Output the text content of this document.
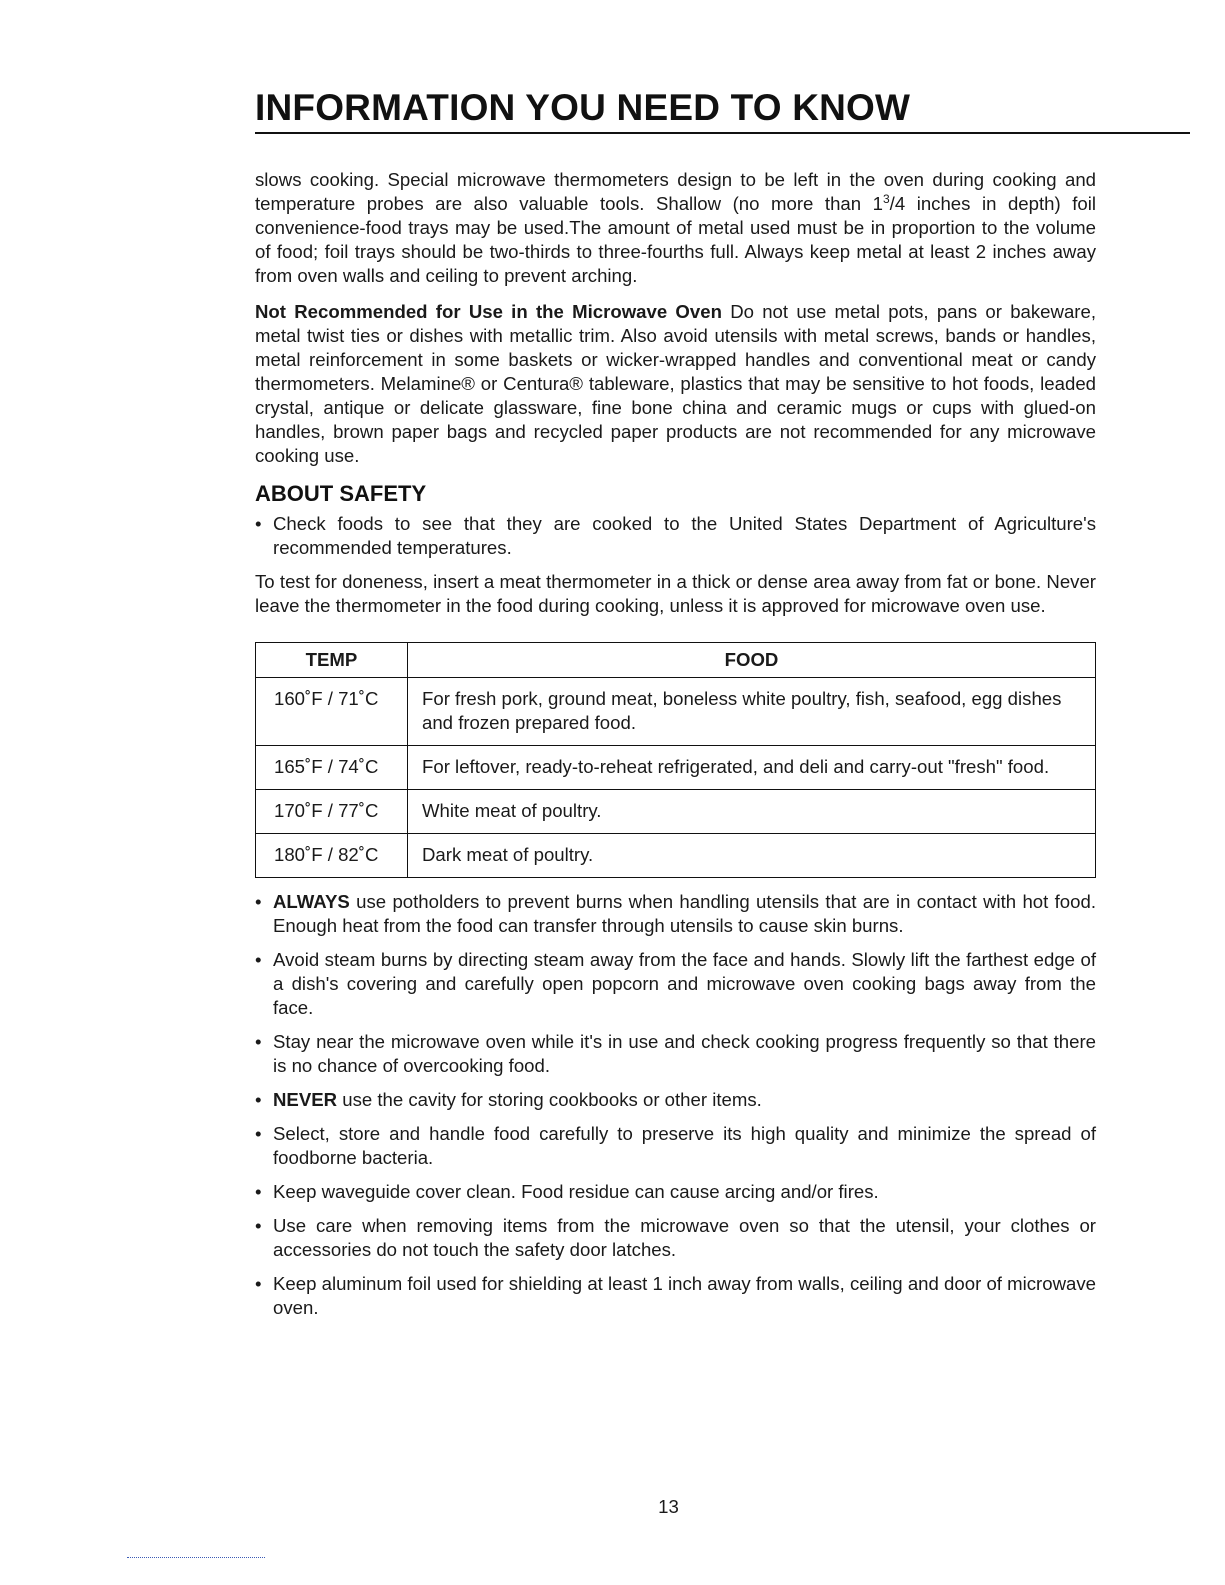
INFORMATION YOU NEED TO KNOW

slows cooking. Special microwave thermometers design to be left in the oven during cooking and temperature probes are also valuable tools. Shallow (no more than $1^3/4$ inches in depth) foil convenience-food trays may be used.The amount of metal used must be in proportion to the volume of food; foil trays should be two-thirds to three-fourths full. Always keep metal at least 2 inches away from oven walls and ceiling to prevent arching.

Not Recommended for Use in the Microwave Oven Do not use metal pots, pans or bakeware, metal twist ties or dishes with metallic trim. Also avoid utensils with metal screws, bands or handles, metal reinforcement in some baskets or wicker-wrapped handles and conventional meat or candy thermometers. Melamine® or Centura® tableware, plastics that may be sensitive to hot foods, leaded crystal, antique or delicate glassware, fine bone china and ceramic mugs or cups with glued-on handles, brown paper bags and recycled paper products are not recommended for any microwave cooking use.

ABOUT SAFETY
• Check foods to see that they are cooked to the United States Department of Agriculture's recommended temperatures.

To test for doneness, insert a meat thermometer in a thick or dense area away from fat or bone. Never leave the thermometer in the food during cooking, unless it is approved for microwave oven use.

TEMP	FOOD
160˚F / 71˚C	For fresh pork, ground meat, boneless white poultry, fish, seafood, egg dishes and frozen prepared food.
165˚F / 74˚C	For leftover, ready-to-reheat refrigerated, and deli and carry-out "fresh" food.
170˚F / 77˚C	White meat of poultry.
180˚F / 82˚C	Dark meat of poultry.
• ALWAYS use potholders to prevent burns when handling utensils that are in contact with hot food. Enough heat from the food can transfer through utensils to cause skin burns.
• Avoid steam burns by directing steam away from the face and hands. Slowly lift the farthest edge of a dish's covering and carefully open popcorn and microwave oven cooking bags away from the face.
• Stay near the microwave oven while it's in use and check cooking progress frequently so that there is no chance of overcooking food.
• NEVER use the cavity for storing cookbooks or other items.
• Select, store and handle food carefully to preserve its high quality and minimize the spread of foodborne bacteria.
• Keep waveguide cover clean. Food residue can cause arcing and/or fires.
• Use care when removing items from the microwave oven so that the utensil, your clothes or accessories do not touch the safety door latches.
• Keep aluminum foil used for shielding at least 1 inch away from walls, ceiling and door of microwave oven.
13
